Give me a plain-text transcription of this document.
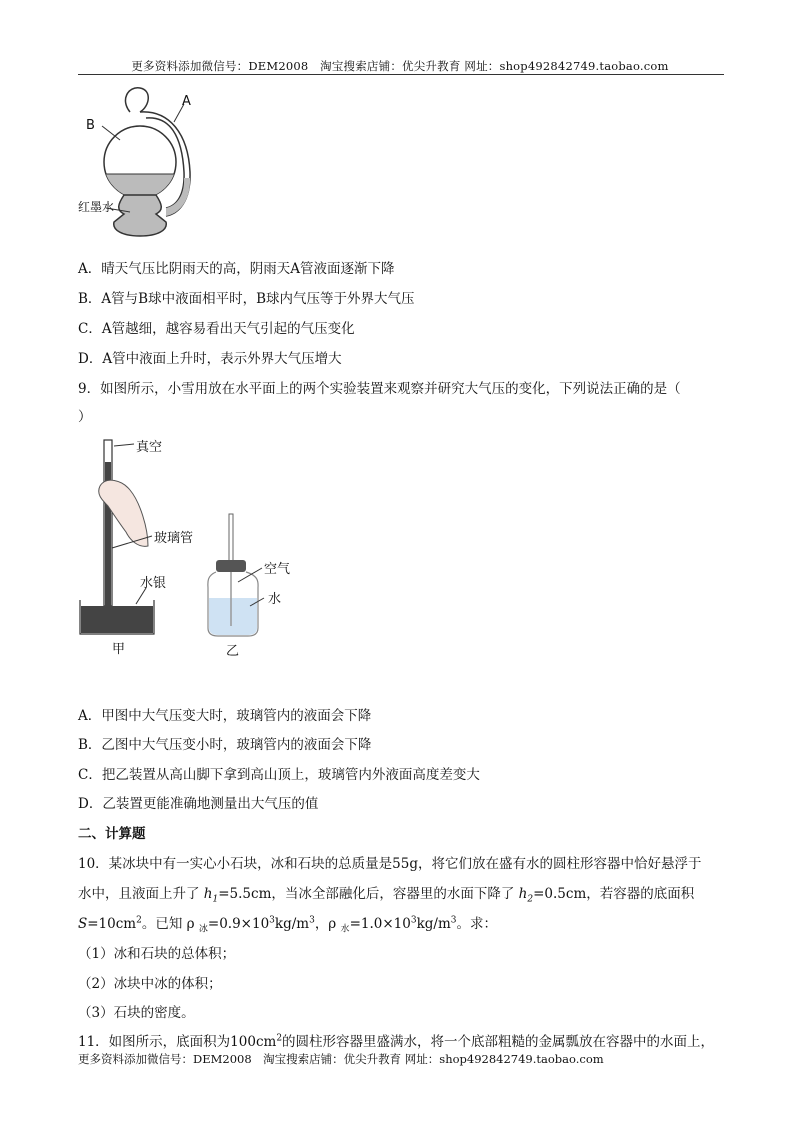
更多资料添加微信号：DEM2008　淘宝搜索店铺：优尖升教育 网址：shop492842749.taobao.com
B
A
红墨水
A．晴天气压比阴雨天的高，阴雨天A管液面逐渐下降
B．A管与B球中液面相平时，B球内气压等于外界大气压
C．A管越细，越容易看出天气引起的气压变化
D．A管中液面上升时，表示外界大气压增大
9．如图所示，小雪用放在水平面上的两个实验装置来观察并研究大气压的变化，下列说法正确的是（
）
真空
玻璃管
水银
空气
水
甲	乙
A．甲图中大气压变大时，玻璃管内的液面会下降
B．乙图中大气压变小时，玻璃管内的液面会下降
C．把乙装置从高山脚下拿到高山顶上，玻璃管内外液面高度差变大
D．乙装置更能准确地测量出大气压的值
二、计算题
10．某冰块中有一实心小石块，冰和石块的总质量是55g，将它们放在盛有水的圆柱形容器中恰好悬浮于
水中，且液面上升了 $h_1=5.5cm$，当冰全部融化后，容器里的水面下降了 $h_2=0.5cm$，若容器的底面积
$S=10cm^2$。已知 ρ $_冰=0.9\times 10^3kg/m^3$，ρ $_水=1.0\times 10^3kg/m^3$。求：
（1）冰和石块的总体积；
（2）冰块中冰的体积；
（3）石块的密度。
11．如图所示，底面积为$100cm^2$的圆柱形容器里盛满水，将一个底部粗糙的金属瓢放在容器中的水面上，
更多资料添加微信号：DEM2008　淘宝搜索店铺：优尖升教育 网址：shop492842749.taobao.com
